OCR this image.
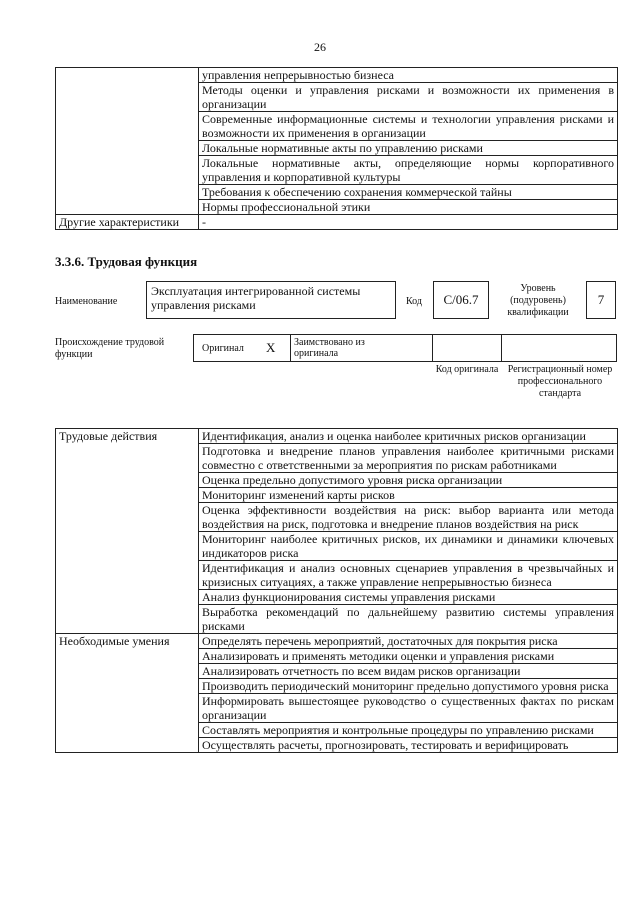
26
	управления непрерывностью бизнеса
	Методы оценки и управления рисками и возможности их применения в организации
	Современные информационные системы и технологии управления рисками и возможности их применения в организации
	Локальные нормативные акты по управлению рисками
	Локальные нормативные акты, определяющие нормы корпоративного управления и корпоративной культуры
	Требования к обеспечению сохранения коммерческой тайны
	Нормы профессиональной этики
Другие характеристики	-
3.3.6. Трудовая функция
Наименование
Эксплуатация интегрированной системы управления рисками	Код	C/06.7
Уровень (подуровень) квалификации
7
Происхождение трудовой функции
Оригинал X Заимствовано из оригинала
Код оригинала Регистрационный номер профессионального стандарта
Трудовые действия	Идентификация, анализ и оценка наиболее критичных рисков организации
	Подготовка и внедрение планов управления наиболее критичными рисками совместно с ответственными за мероприятия по рискам работниками
	Оценка предельно допустимого уровня риска организации
	Мониторинг изменений карты рисков
	Оценка эффективности воздействия на риск: выбор варианта или метода воздействия на риск, подготовка и внедрение планов воздействия на риск
	Мониторинг наиболее критичных рисков, их динамики и динамики ключевых индикаторов риска
	Идентификация и анализ основных сценариев управления в чрезвычайных и кризисных ситуациях, а также управление непрерывностью бизнеса
	Анализ функционирования системы управления рисками
	Выработка рекомендаций по дальнейшему развитию системы управления рисками
Необходимые умения	Определять перечень мероприятий, достаточных для покрытия риска
	Анализировать и применять методики оценки и управления рисками
	Анализировать отчетность по всем видам рисков организации
	Производить периодический мониторинг предельно допустимого уровня риска
	Информировать вышестоящее руководство о существенных фактах по рискам организации
	Составлять мероприятия и контрольные процедуры по управлению рисками
	Осуществлять расчеты, прогнозировать, тестировать и верифицировать
